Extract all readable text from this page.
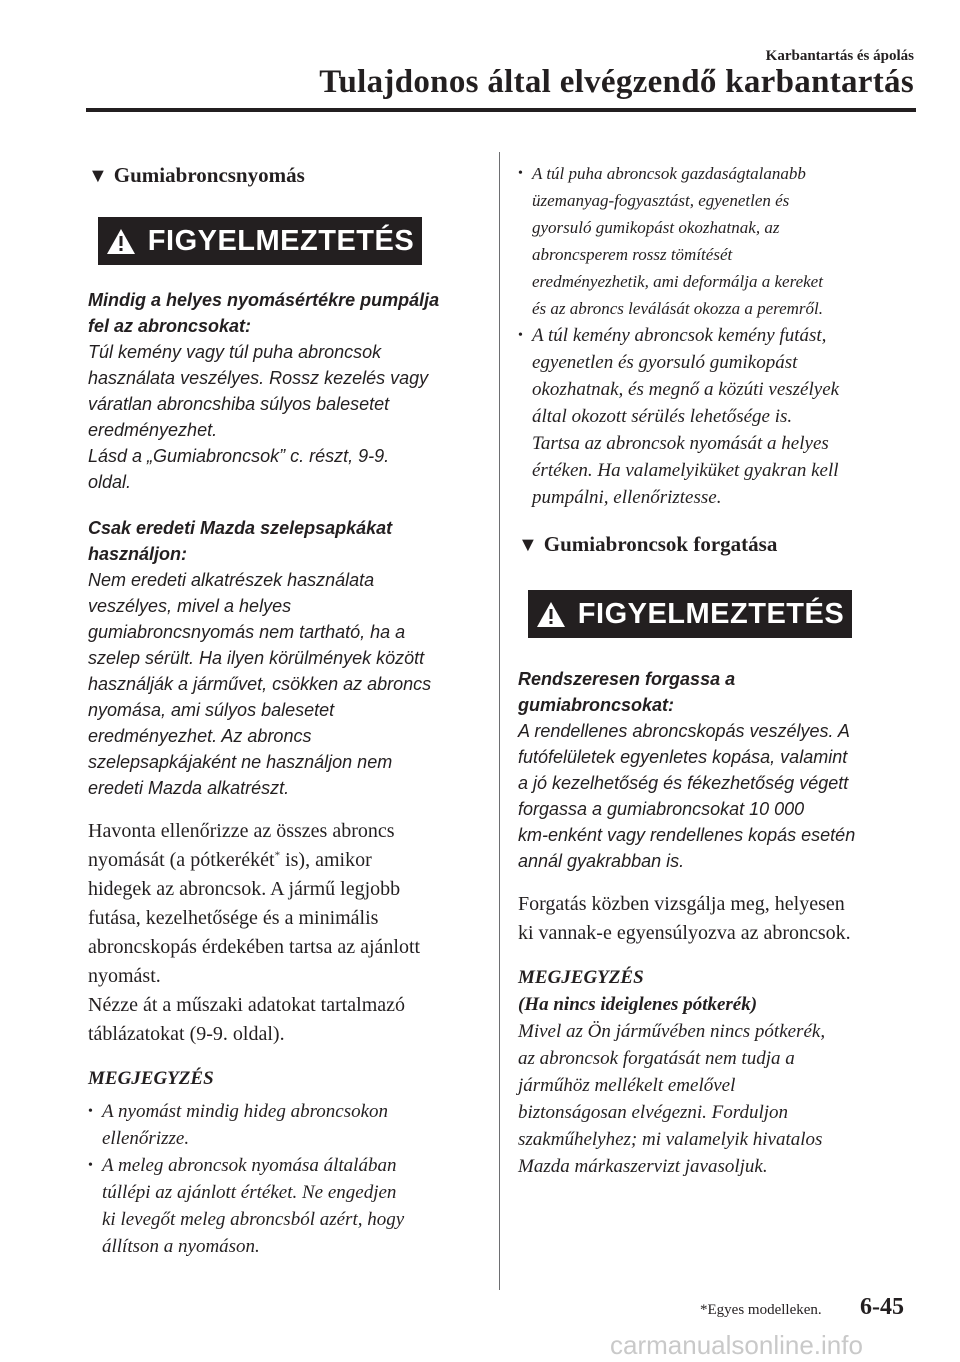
Karbantartás és ápolás
Tulajdonos által elvégzendő karbantartás
▼ Gumiabroncsnyomás
FIGYELMEZTETÉS
Mindig a helyes nyomásértékre pumpálja
fel az abroncsokat:
Túl kemény vagy túl puha abroncsok
használata veszélyes. Rossz kezelés vagy
váratlan abroncshiba súlyos balesetet
eredményezhet.
Lásd a „Gumiabroncsok” c. részt, 9-9.
oldal.
Csak eredeti Mazda szelepsapkákat
használjon:
Nem eredeti alkatrészek használata
veszélyes, mivel a helyes
gumiabroncsnyomás nem tartható, ha a
szelep sérült. Ha ilyen körülmények között
használják a járművet, csökken az abroncs
nyomása, ami súlyos balesetet
eredményezhet. Az abroncs
szelepsapkájaként ne használjon nem
eredeti Mazda alkatrészt.
Havonta ellenőrizze az összes abroncs
nyomását (a pótkerékét* is), amikor
hidegek az abroncsok. A jármű legjobb
futása, kezelhetősége és a minimális
abroncskopás érdekében tartsa az ajánlott
nyomást.
Nézze át a műszaki adatokat tartalmazó
táblázatokat (9-9. oldal).
MEGJEGYZÉS
• A nyomást mindig hideg abroncsokon
ellenőrizze.
• A meleg abroncsok nyomása általában
túllépi az ajánlott értéket. Ne engedjen
ki levegőt meleg abroncsból azért, hogy
állítson a nyomáson.
• A túl puha abroncsok gazdaságtalanabb
üzemanyag-fogyasztást, egyenetlen és
gyorsuló gumikopást okozhatnak, az
abroncsperem rossz tömítését
eredményezhetik, ami deformálja a kereket
és az abroncs leválását okozza a peremről.
• A túl kemény abroncsok kemény futást,
egyenetlen és gyorsuló gumikopást
okozhatnak, és megnő a közúti veszélyek
által okozott sérülés lehetősége is.
Tartsa az abroncsok nyomását a helyes
értéken. Ha valamelyiküket gyakran kell
pumpálni, ellenőriztesse.
▼ Gumiabroncsok forgatása
FIGYELMEZTETÉS
Rendszeresen forgassa a
gumiabroncsokat:
A rendellenes abroncskopás veszélyes. A
futófelületek egyenletes kopása, valamint
a jó kezelhetőség és fékezhetőség végett
forgassa a gumiabroncsokat 10 000
km-enként vagy rendellenes kopás esetén
annál gyakrabban is.
Forgatás közben vizsgálja meg, helyesen
ki vannak-e egyensúlyozva az abroncsok.
MEGJEGYZÉS
(Ha nincs ideiglenes pótkerék)
Mivel az Ön járművében nincs pótkerék,
az abroncsok forgatását nem tudja a
járműhöz mellékelt emelővel
biztonságosan elvégezni. Forduljon
szakműhelyhez; mi valamelyik hivatalos
Mazda márkaszervizt javasoljuk.
*Egyes modelleken. 6-45
carmanualsonline.info
